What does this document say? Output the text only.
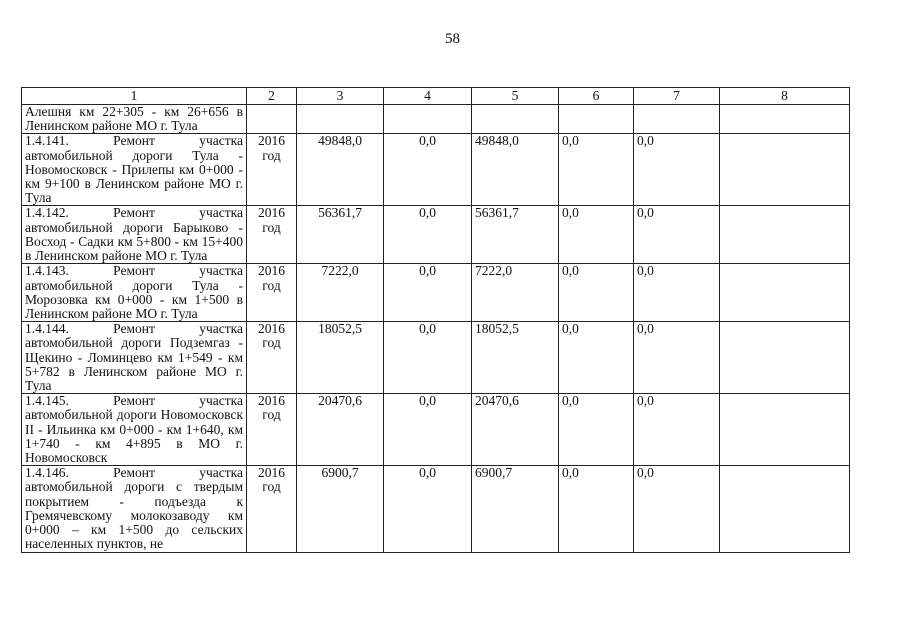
58
1	2	3	4	5	6	7	8
Алешня км 22+305 - км 26+656 в Ленинском районе МО г. Тула							
1.4.141. Ремонт участка автомобильной дороги Тула - Новомосковск - Прилепы км 0+000 - км 9+100 в Ленинском районе МО г. Тула	2016 год	49848,0	0,0	49848,0	0,0	0,0	
1.4.142. Ремонт участка автомобильной дороги Барыково - Восход - Садки км 5+800 - км 15+400 в Ленинском районе МО г. Тула	2016 год	56361,7	0,0	56361,7	0,0	0,0	
1.4.143. Ремонт участка автомобильной дороги Тула - Морозовка км 0+000 - км 1+500 в Ленинском районе МО г. Тула	2016 год	7222,0	0,0	7222,0	0,0	0,0	
1.4.144. Ремонт участка автомобильной дороги Подземгаз - Щекино - Ломинцево км 1+549 - км 5+782 в Ленинском районе МО г. Тула	2016 год	18052,5	0,0	18052,5	0,0	0,0	
1.4.145. Ремонт участка автомобильной дороги Новомосковск II - Ильинка км 0+000 - км 1+640, км 1+740 - км 4+895 в МО г. Новомосковск	2016 год	20470,6	0,0	20470,6	0,0	0,0	
1.4.146. Ремонт участка автомобильной дороги с твердым покрытием - подъезда к Гремячевскому молокозаводу км 0+000 – км 1+500 до сельских населенных пунктов, не	2016 год	6900,7	0,0	6900,7	0,0	0,0	
